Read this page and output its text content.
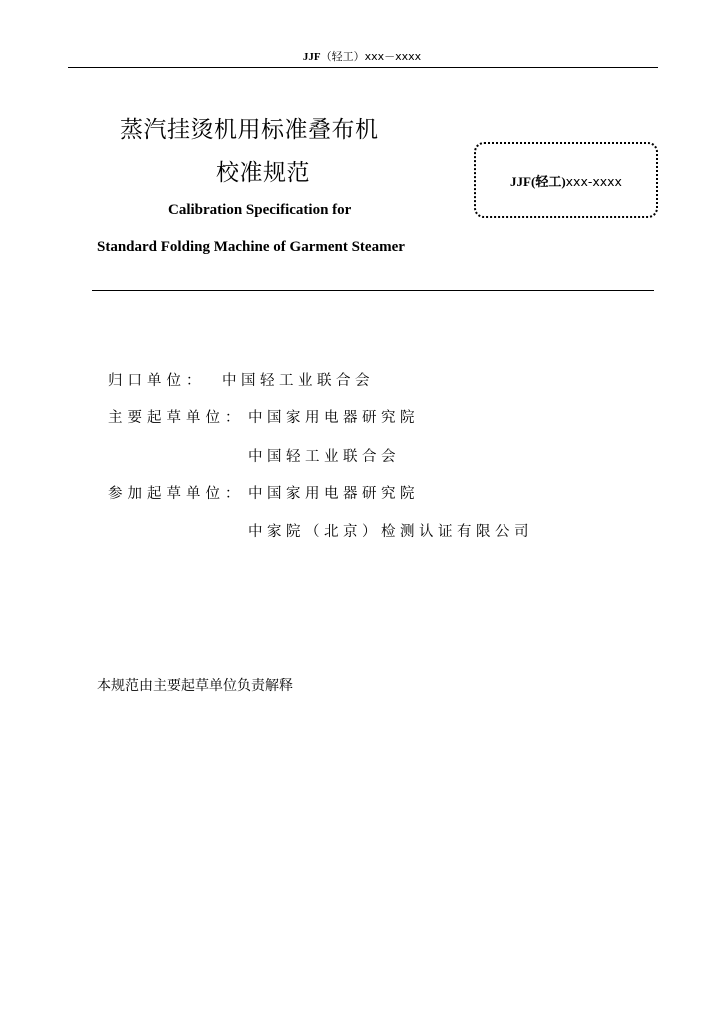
JJF（轻工）xxx－xxxx
蒸汽挂烫机用标准叠布机
校准规范
Calibration Specification for
Standard Folding Machine of Garment Steamer
JJF(轻工)xxx-xxxx
归口单位： 中国轻工业联合会
主要起草单位： 中国家用电器研究院
中国轻工业联合会
参加起草单位： 中国家用电器研究院
中家院（北京）检测认证有限公司
本规范由主要起草单位负责解释
